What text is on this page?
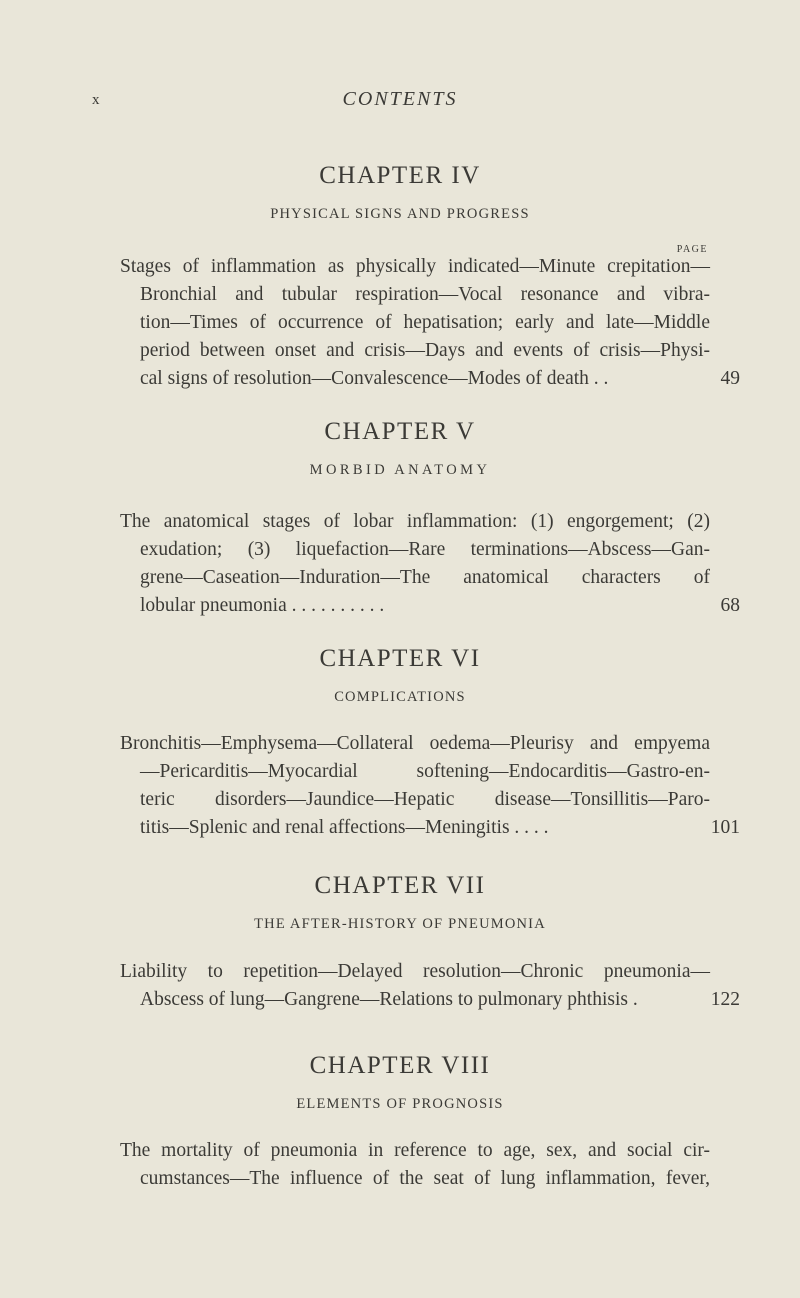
x	CONTENTS
CHAPTER IV
PHYSICAL SIGNS AND PROGRESS
PAGE
Stages of inflammation as physically indicated—Minute crepitation—
Bronchial and tubular respiration—Vocal resonance and vibra-
tion—Times of occurrence of hepatisation; early and late—Middle
period between onset and crisis—Days and events of crisis—Physi-
cal signs of resolution—Convalescence—Modes of death . .	49
CHAPTER V
MORBID ANATOMY
The anatomical stages of lobar inflammation: (1) engorgement; (2)
exudation; (3) liquefaction—Rare terminations—Abscess—Gan-
grene—Caseation—Induration—The anatomical characters of
lobular pneumonia . . . . . . . . . .	68
CHAPTER VI
COMPLICATIONS
Bronchitis—Emphysema—Collateral oedema—Pleurisy and empyema
—Pericarditis—Myocardial softening—Endocarditis—Gastro-en-
teric disorders—Jaundice—Hepatic disease—Tonsillitis—Paro-
titis—Splenic and renal affections—Meningitis . . . .	101
CHAPTER VII
THE AFTER-HISTORY OF PNEUMONIA
Liability to repetition—Delayed resolution—Chronic pneumonia—
Abscess of lung—Gangrene—Relations to pulmonary phthisis .	122
CHAPTER VIII
ELEMENTS OF PROGNOSIS
The mortality of pneumonia in reference to age, sex, and social cir-
cumstances—The influence of the seat of lung inflammation, fever,
